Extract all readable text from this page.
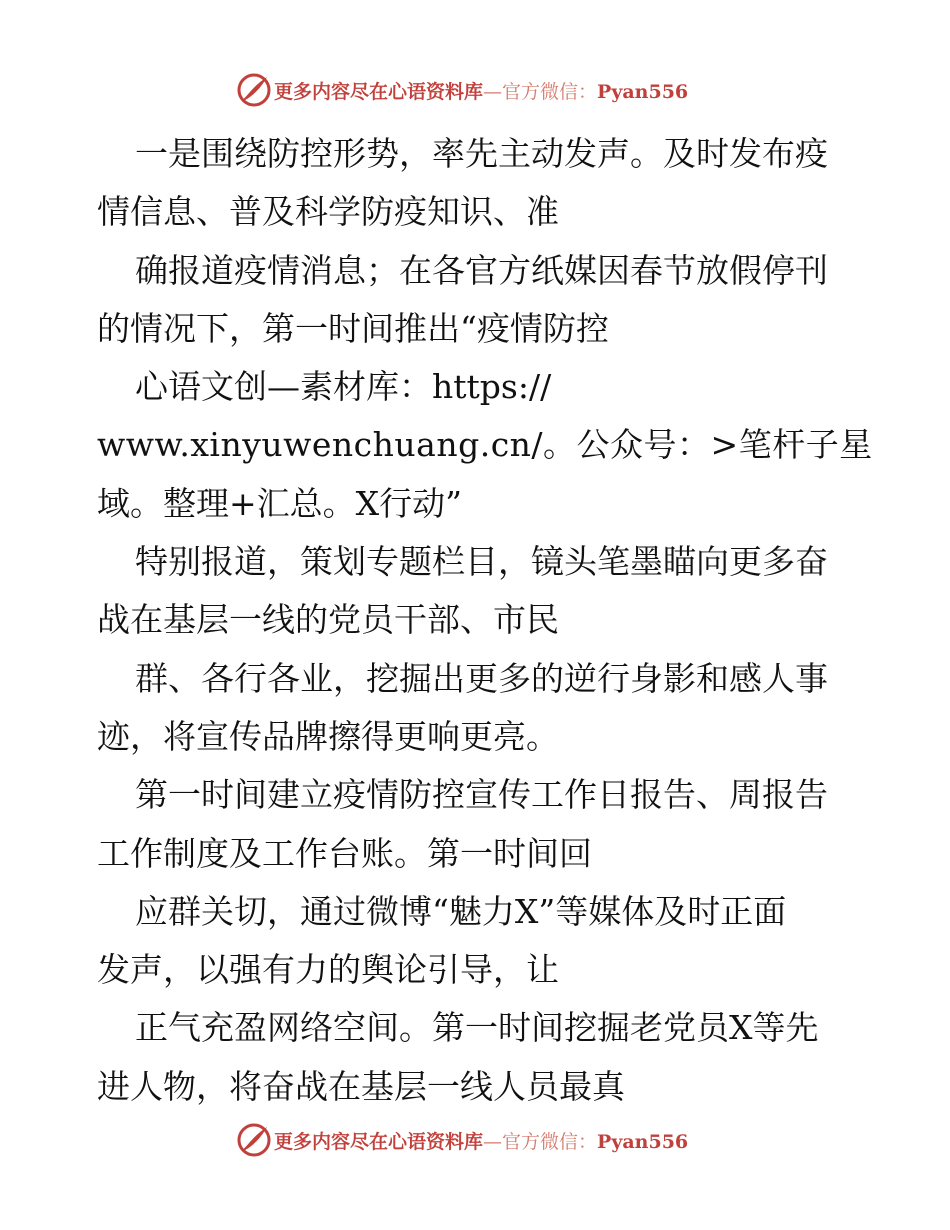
更多内容尽在心语资料库—官方微信：Pyan556
一是围绕防控形势，率先主动发声。及时发布疫
情信息、普及科学防疫知识、准
确报道疫情消息；在各官方纸媒因春节放假停刊
的情况下，第一时间推出“疫情防控
心语文创—素材库：https://
www.xinyuwenchuang.cn/。公众号：>笔杆子星
域。整理+汇总。X行动”
特别报道，策划专题栏目，镜头笔墨瞄向更多奋
战在基层一线的党员干部、市民
群、各行各业，挖掘出更多的逆行身影和感人事
迹，将宣传品牌擦得更响更亮。
第一时间建立疫情防控宣传工作日报告、周报告
工作制度及工作台账。第一时间回
应群关切，通过微博“魅力X”等媒体及时正面
发声，以强有力的舆论引导，让
正气充盈网络空间。第一时间挖掘老党员X等先
进人物，将奋战在基层一线人员最真
更多内容尽在心语资料库—官方微信：Pyan556
